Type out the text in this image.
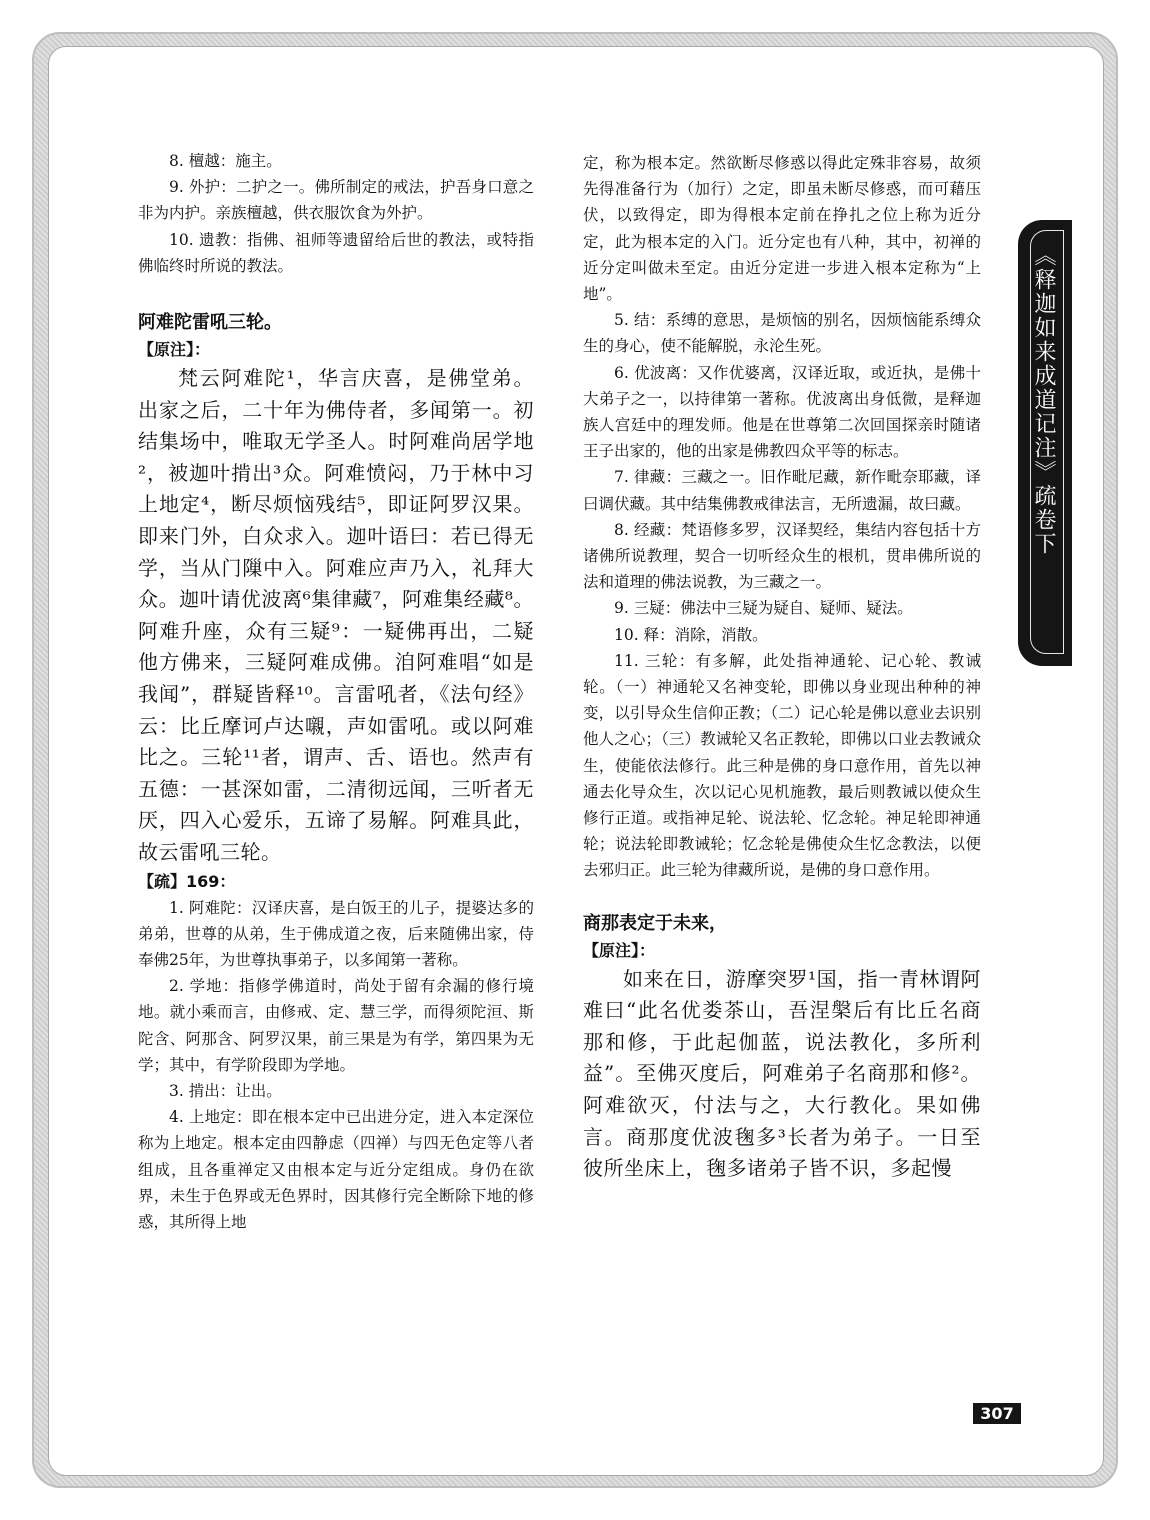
8. 檀越：施主。

9. 外护：二护之一。佛所制定的戒法，护吾身口意之非为内护。亲族檀越，供衣服饮食为外护。

10. 遗教：指佛、祖师等遗留给后世的教法，或特指佛临终时所说的教法。

阿难陀雷吼三轮。

【原注】：

梵云阿难陀¹，华言庆喜，是佛堂弟。出家之后，二十年为佛侍者，多闻第一。初结集场中，唯取无学圣人。时阿难尚居学地²，被迦叶掯出³众。阿难愤闷，乃于林中习上地定⁴，断尽烦恼残结⁵，即证阿罗汉果。即来门外，白众求入。迦叶语曰：若已得无学，当从门隟中入。阿难应声乃入，礼拜大众。迦叶请优波离⁶集律藏⁷，阿难集经藏⁸。阿难升座，众有三疑⁹：一疑佛再出，二疑他方佛来，三疑阿难成佛。洎阿难唱“如是我闻”，群疑皆释¹⁰。言雷吼者，《法句经》云：比丘摩诃卢达嚫，声如雷吼。或以阿难比之。三轮¹¹者，谓声、舌、语也。然声有五德：一甚深如雷，二清彻远闻，三听者无厌，四入心爱乐，五谛了易解。阿难具此，故云雷吼三轮。

【疏】169：

1. 阿难陀：汉译庆喜，是白饭王的儿子，提婆达多的弟弟，世尊的从弟，生于佛成道之夜，后来随佛出家，侍奉佛25年，为世尊执事弟子，以多闻第一著称。

2. 学地：指修学佛道时，尚处于留有余漏的修行境地。就小乘而言，由修戒、定、慧三学，而得须陀洹、斯陀含、阿那含、阿罗汉果，前三果是为有学，第四果为无学；其中，有学阶段即为学地。

3. 掯出：让出。

4. 上地定：即在根本定中已出进分定，进入本定深位称为上地定。根本定由四静虑（四禅）与四无色定等八者组成，且各重禅定又由根本定与近分定组成。身仍在欲界，未生于色界或无色界时，因其修行完全断除下地的修惑，其所得上地

定，称为根本定。然欲断尽修惑以得此定殊非容易，故须先得准备行为（加行）之定，即虽未断尽修惑，而可藉压伏，以致得定，即为得根本定前在挣扎之位上称为近分定，此为根本定的入门。近分定也有八种，其中，初禅的近分定叫做未至定。由近分定进一步进入根本定称为“上地”。

5. 结：系缚的意思，是烦恼的别名，因烦恼能系缚众生的身心，使不能解脱，永沦生死。

6. 优波离：又作优婆离，汉译近取，或近执，是佛十大弟子之一，以持律第一著称。优波离出身低微，是释迦族人宫廷中的理发师。他是在世尊第二次回国探亲时随诸王子出家的，他的出家是佛教四众平等的标志。

7. 律藏：三藏之一。旧作毗尼藏，新作毗奈耶藏，译曰调伏藏。其中结集佛教戒律法言，无所遗漏，故曰藏。

8. 经藏：梵语修多罗，汉译契经，集结内容包括十方诸佛所说教理，契合一切听经众生的根机，贯串佛所说的法和道理的佛法说教，为三藏之一。

9. 三疑：佛法中三疑为疑自、疑师、疑法。

10. 释：消除，消散。

11. 三轮：有多解，此处指神通轮、记心轮、教诫轮。（一）神通轮又名神变轮，即佛以身业现出种种的神变，以引导众生信仰正教；（二）记心轮是佛以意业去识别他人之心；（三）教诫轮又名正教轮，即佛以口业去教诫众生，使能依法修行。此三种是佛的身口意作用，首先以神通去化导众生，次以记心见机施教，最后则教诫以使众生修行正道。或指神足轮、说法轮、忆念轮。神足轮即神通轮；说法轮即教诫轮；忆念轮是佛使众生忆念教法，以便去邪归正。此三轮为律藏所说，是佛的身口意作用。

商那表定于未来，

【原注】：

如来在日，游摩突罗¹国，指一青林谓阿难曰“此名优娄茶山，吾涅槃后有比丘名商那和修，于此起伽蓝，说法教化，多所利益”。至佛灭度后，阿难弟子名商那和修²。阿难欲灭，付法与之，大行教化。果如佛言。商那度优波毱多³长者为弟子。一日至彼所坐床上，毱多诸弟子皆不识，多起慢

《释迦如来成道记注》疏卷下
307
